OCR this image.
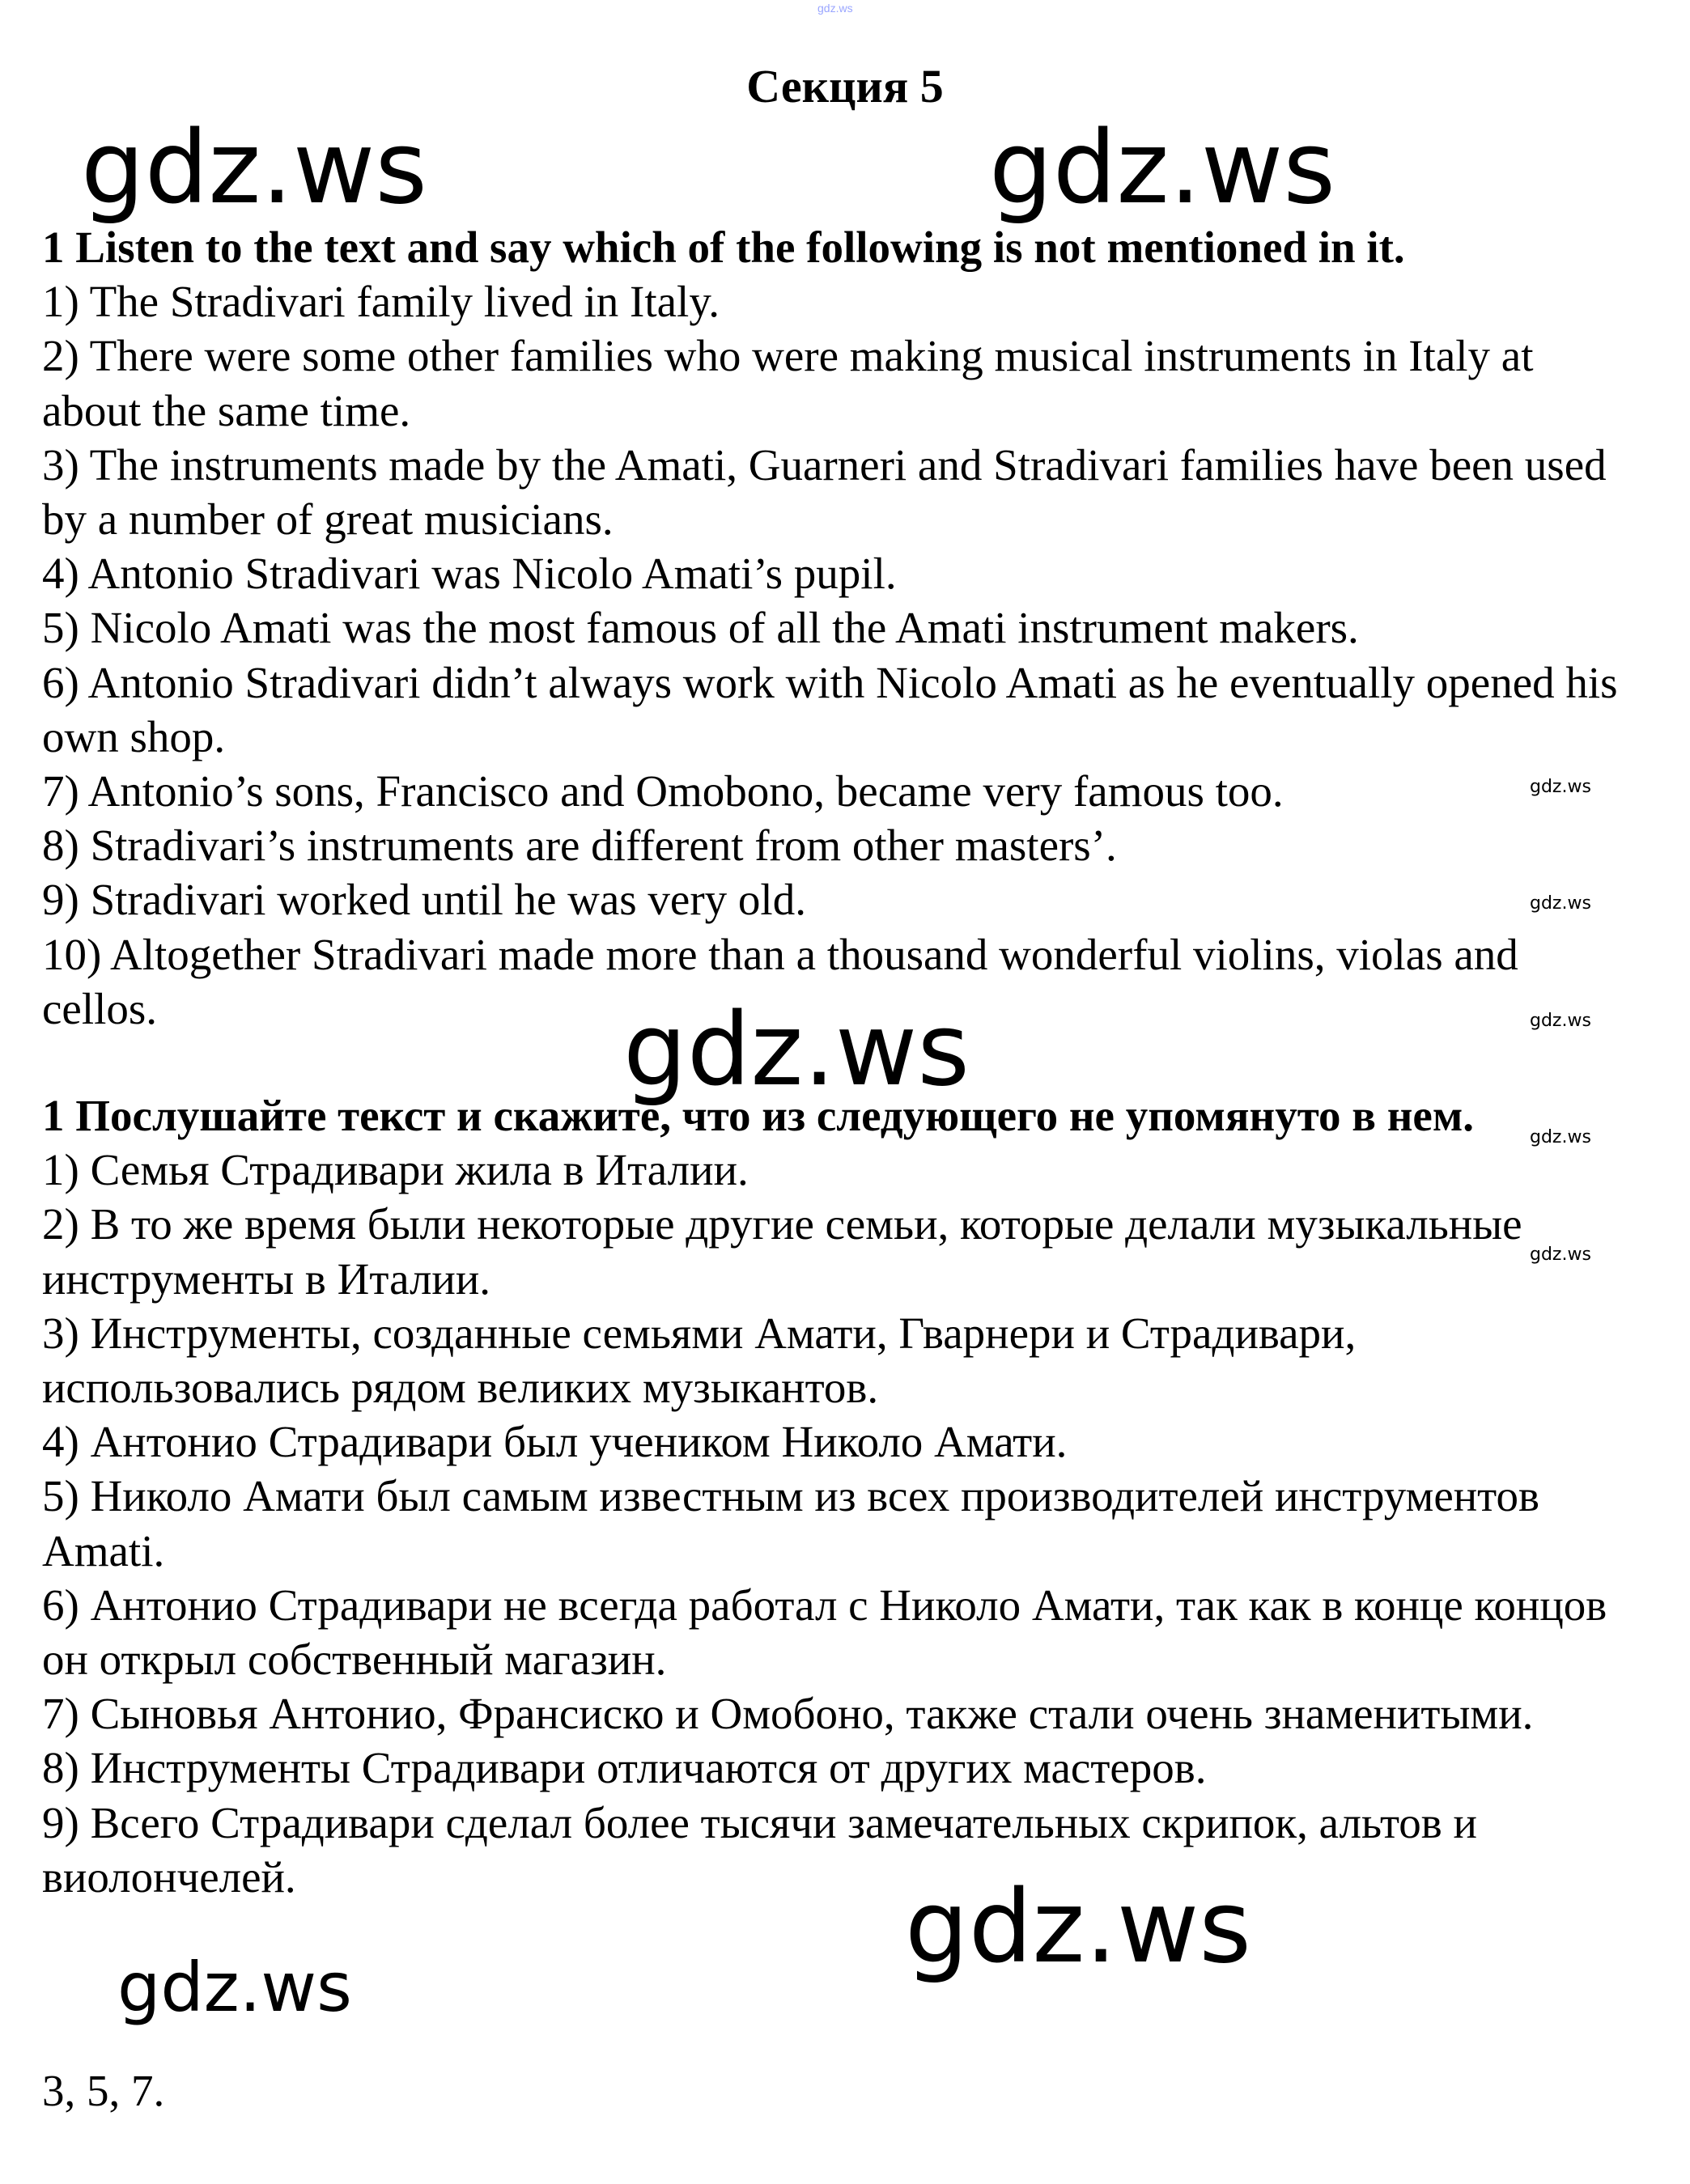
gdz.ws
Секция 5

1 Listen to the text and say which of the following is not mentioned in it.

1) The Stradivari family lived in Italy.

2) There were some other families who were making musical instruments in Italy at about the same time.

3) The instruments made by the Amati, Guarneri and Stradivari families have been used by a number of great musicians.

4) Antonio Stradivari was Nicolo Amati’s pupil.

5) Nicolo Amati was the most famous of all the Amati instrument makers.

6) Antonio Stradivari didn’t always work with Nicolo Amati as he eventually opened his own shop.

7) Antonio’s sons, Francisco and Omobono, became very famous too.

8) Stradivari’s instruments are different from other masters’.

9) Stradivari worked until he was very old.

10) Altogether Stradivari made more than a thousand wonderful violins, violas and cellos.

1 Послушайте текст и скажите, что из следующего не упомянуто в нем.

1) Семья Страдивари жила в Италии.

2) В то же время были некоторые другие семьи, которые делали музыкальные инструменты в Италии.

3) Инструменты, созданные семьями Амати, Гварнери и Страдивари, использовались рядом великих музыкантов.

4) Антонио Страдивари был учеником Николо Амати.

5) Николо Амати был самым известным из всех производителей инструментов Amati.

6) Антонио Страдивари не всегда работал с Николо Амати, так как в конце концов он открыл собственный магазин.

7) Сыновья Антонио, Франсиско и Омобоно, также стали очень знаменитыми.

8) Инструменты Страдивари отличаются от других мастеров.

9) Всего Страдивари сделал более тысячи замечательных скрипок, альтов и виолончелей.

3, 5, 7.

gdz.ws	gdz.ws
gdz.ws
gdz.ws
gdz.ws
gdz.ws
gdz.ws
gdz.ws
gdz.ws
gdz.ws
